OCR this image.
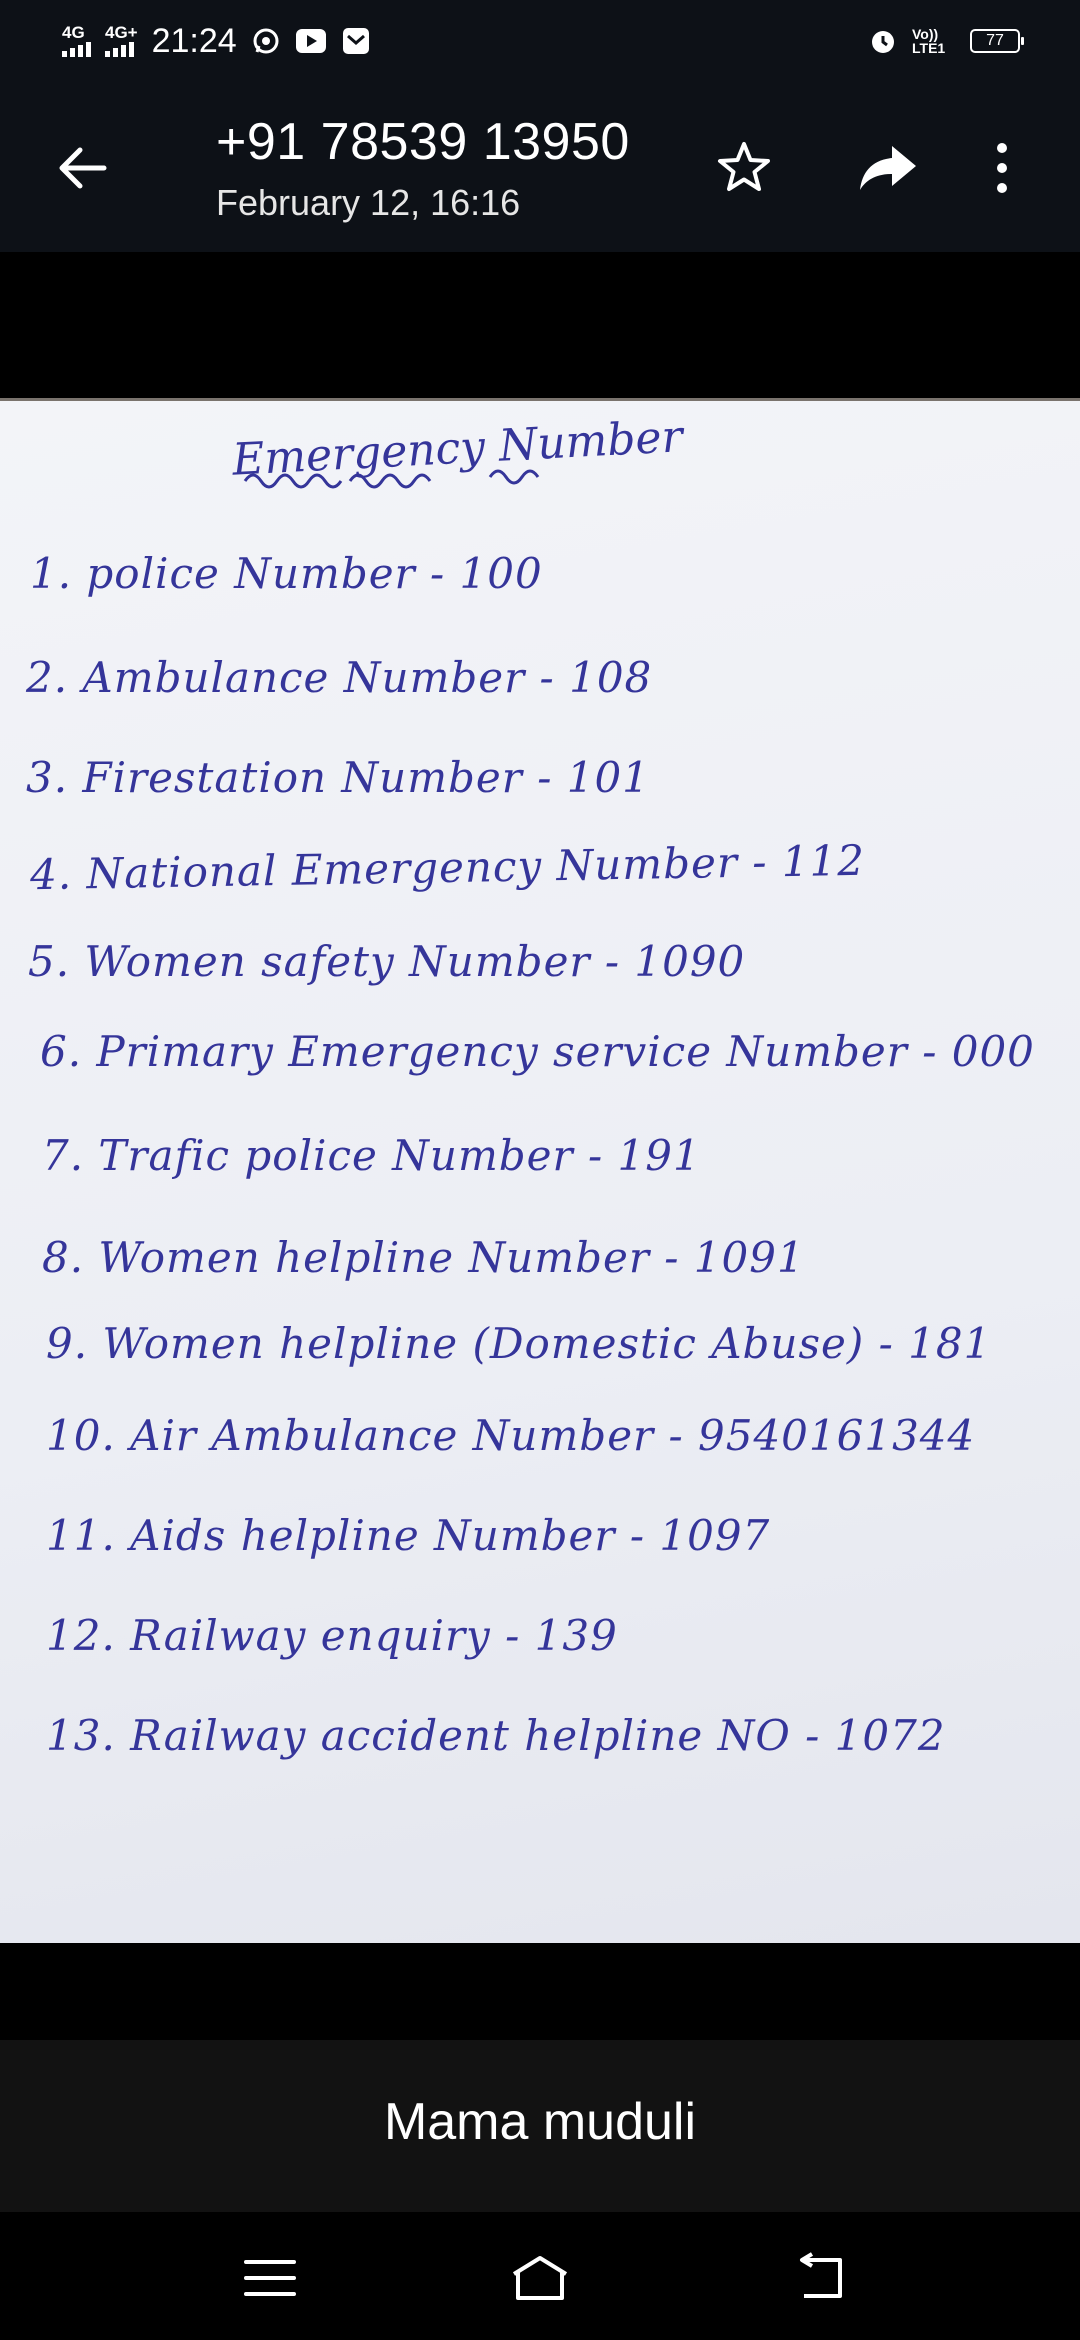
4G 4G+ 21:24	Vo)) LTE1	77
+91 78539 13950
February 12, 16:16
Emergency Number
1. police Number - 100
2. Ambulance Number - 108
3. Firestation Number - 101
4. National Emergency Number - 112
5. Women safety Number - 1090
6. Primary Emergency service Number - 000
7. Trafic police Number - 191
8. Women helpline Number - 1091
9. Women helpline (Domestic Abuse) - 181
10. Air Ambulance Number - 9540161344
11. Aids helpline Number - 1097
12. Railway enquiry - 139
13. Railway accident helpline NO - 1072
Mama muduli
